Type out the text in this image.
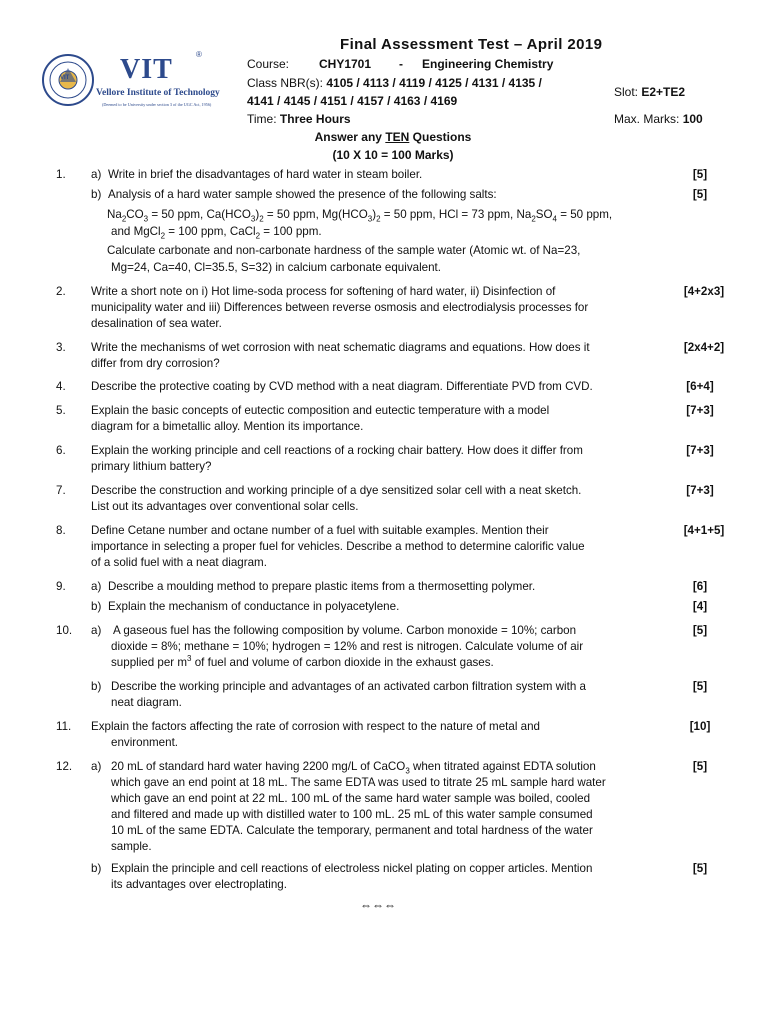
Final Assessment Test – April 2019
VIT VIT	®
Vellore Institute of Technology
(Deemed to be University under section 3 of the UGC Act, 1956)
Course: CHY1701 - Engineering Chemistry
Class NBR(s): 4105 / 4113 / 4119 / 4125 / 4131 / 4135 /
4141 / 4145 / 4151 / 4157 / 4163 / 4169
Slot: E2+TE2
Time: Three Hours	Max. Marks: 100
Answer any TEN Questions
(10 X 10 = 100 Marks)
1. a) Write in brief the disadvantages of hard water in steam boiler.	[5]
b) Analysis of a hard water sample showed the presence of the following salts:	[5]
$Na_2CO_3 = 50$ ppm, $Ca(HCO_3)_2 = 50$ ppm, $Mg(HCO_3)_2 = 50$ ppm, HCl = 73 ppm, $Na_2SO_4 = 50$ ppm,
and MgCl$_2$ = 100 ppm, CaCl$_2$ = 100 ppm.
Calculate carbonate and non-carbonate hardness of the sample water (Atomic wt. of Na=23,
Mg=24, Ca=40, Cl=35.5, S=32) in calcium carbonate equivalent.
2. Write a short note on i) Hot lime-soda process for softening of hard water, ii) Disinfection of	[4+2x3]
municipality water and iii) Differences between reverse osmosis and electrodialysis processes for
desalination of sea water.
3. Write the mechanisms of wet corrosion with neat schematic diagrams and equations. How does it	[2x4+2]
differ from dry corrosion?
4. Describe the protective coating by CVD method with a neat diagram. Differentiate PVD from CVD.	[6+4]
5. Explain the basic concepts of eutectic composition and eutectic temperature with a model	[7+3]
diagram for a bimetallic alloy. Mention its importance.
6. Explain the working principle and cell reactions of a rocking chair battery. How does it differ from	[7+3]
primary lithium battery?
7. Describe the construction and working principle of a dye sensitized solar cell with a neat sketch.	[7+3]
List out its advantages over conventional solar cells.
8. Define Cetane number and octane number of a fuel with suitable examples. Mention their	[4+1+5]
importance in selecting a proper fuel for vehicles. Describe a method to determine calorific value
of a solid fuel with a neat diagram.
9. a) Describe a moulding method to prepare plastic items from a thermosetting polymer.	[6]
b) Explain the mechanism of conductance in polyacetylene.	[4]
10. a) A gaseous fuel has the following composition by volume. Carbon monoxide = 10%; carbon	[5]
dioxide = 8%; methane = 10%; hydrogen = 12% and rest is nitrogen. Calculate volume of air
supplied per $m^3$ of fuel and volume of carbon dioxide in the exhaust gases.
b) Describe the working principle and advantages of an activated carbon filtration system with a	[5]
neat diagram.
11. Explain the factors affecting the rate of corrosion with respect to the nature of metal and	[10]
environment.
12. a) 20 mL of standard hard water having 2200 mg/L of CaCO$_3$ when titrated against EDTA solution	[5]
which gave an end point at 18 mL. The same EDTA was used to titrate 25 mL sample hard water
which gave an end point at 22 mL. 100 mL of the same hard water sample was boiled, cooled
and filtered and made up with distilled water to 100 mL. 25 mL of this water sample consumed
10 mL of the same EDTA. Calculate the temporary, permanent and total hardness of the water
sample.
b) Explain the principle and cell reactions of electroless nickel plating on copper articles. Mention	[5]
its advantages over electroplating.
⇔⇔⇔
